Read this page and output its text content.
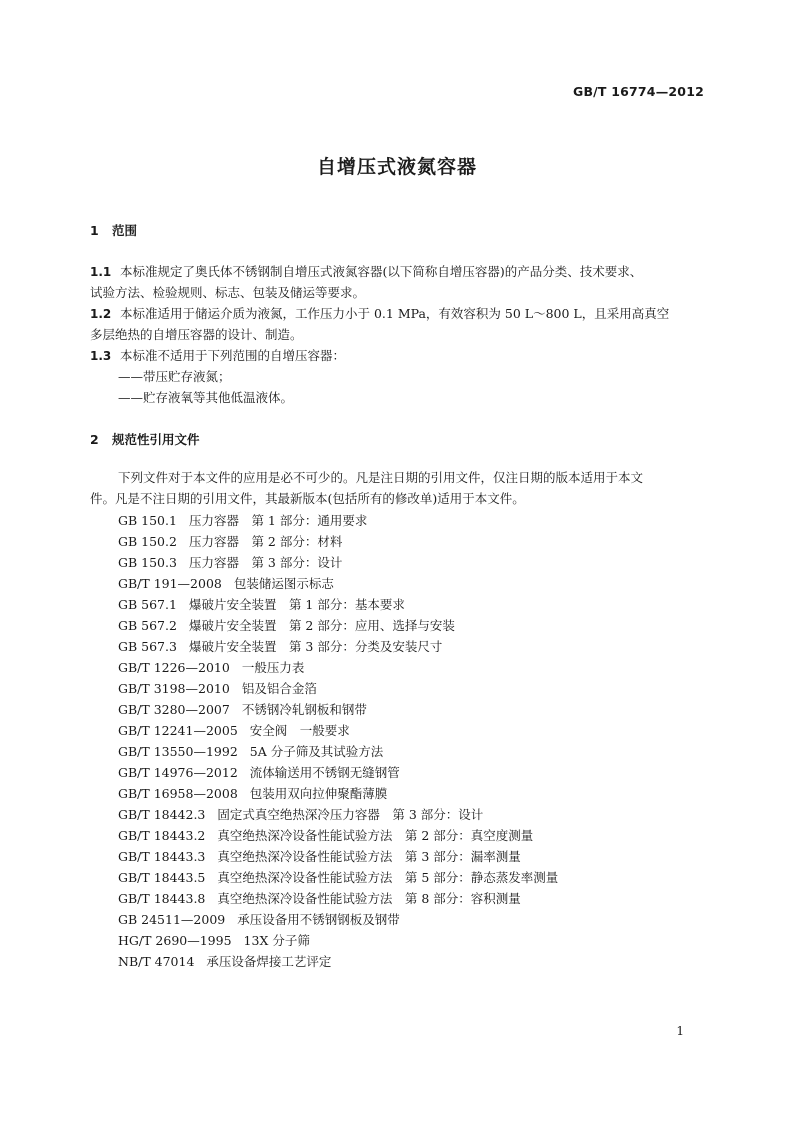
GB/T 16774—2012
自增压式液氮容器
1 范围
1.1 本标准规定了奥氏体不锈钢制自增压式液氮容器(以下简称自增压容器)的产品分类、技术要求、
试验方法、检验规则、标志、包装及储运等要求。
1.2 本标准适用于储运介质为液氮，工作压力小于 0.1 MPa，有效容积为 50 L～800 L，且采用高真空
多层绝热的自增压容器的设计、制造。
1.3 本标准不适用于下列范围的自增压容器：
——带压贮存液氮；
——贮存液氧等其他低温液体。
2 规范性引用文件
下列文件对于本文件的应用是必不可少的。凡是注日期的引用文件，仅注日期的版本适用于本文
件。凡是不注日期的引用文件，其最新版本(包括所有的修改单)适用于本文件。
GB 150.1 压力容器　第 1 部分：通用要求
GB 150.2 压力容器　第 2 部分：材料
GB 150.3 压力容器　第 3 部分：设计
GB/T 191—2008 包装储运图示标志
GB 567.1 爆破片安全装置　第 1 部分：基本要求
GB 567.2 爆破片安全装置　第 2 部分：应用、选择与安装
GB 567.3 爆破片安全装置　第 3 部分：分类及安装尺寸
GB/T 1226—2010 一般压力表
GB/T 3198—2010 铝及铝合金箔
GB/T 3280—2007 不锈钢冷轧钢板和钢带
GB/T 12241—2005 安全阀　一般要求
GB/T 13550—1992 5A 分子筛及其试验方法
GB/T 14976—2012 流体输送用不锈钢无缝钢管
GB/T 16958—2008 包装用双向拉伸聚酯薄膜
GB/T 18442.3 固定式真空绝热深冷压力容器　第 3 部分：设计
GB/T 18443.2 真空绝热深冷设备性能试验方法　第 2 部分：真空度测量
GB/T 18443.3 真空绝热深冷设备性能试验方法　第 3 部分：漏率测量
GB/T 18443.5 真空绝热深冷设备性能试验方法　第 5 部分：静态蒸发率测量
GB/T 18443.8 真空绝热深冷设备性能试验方法　第 8 部分：容积测量
GB 24511—2009 承压设备用不锈钢钢板及钢带
HG/T 2690—1995 13X 分子筛
NB/T 47014 承压设备焊接工艺评定
1
